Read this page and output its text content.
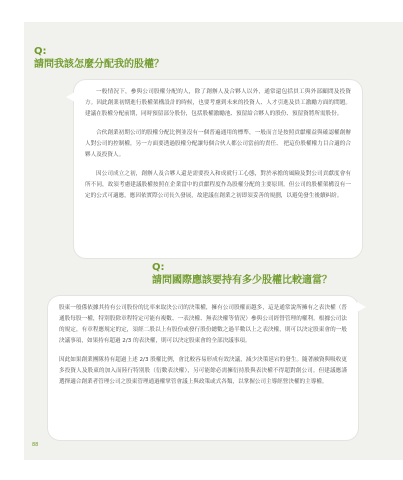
Q:
請問我該怎麼分配我的股權？

一般情況下，參與公司股權分配的人，除了創辦人及合夥人以外，通常還包括員工與外部顧問及投資方。因此創業初期進行股權架構設計的時候，也要考慮到未來的投資人、人才引進及員工激勵方面的問題。建議在股權分配前期，同時預留部分股份，包括股權激勵池、預留給合夥人的股份、預留資將所需股份。

合伙創業初期公司的股權分配比例並沒有一個普遍通用的標準，一般而言是按照貢獻權益與確認權創辦人對公司的控制權，另一方面要透過股權分配讓每個合伙人都公司當前的責任、 把這份股權權力目合適的合夥人及投資人。

因公司成立之初，創辦人及合夥人還是需要投入和成就行工心態，對於承擔的風險及對公司貢獻度會有所不同，故須考慮建議股權按照在企業當中的貢獻程度作為股權分配的主要原則。但公司的股權架構沒有一定的公式可適應，應因依實際公司長久發展，故建議在創業之初即須妥善的規劃，以避免發生後續糾紛。

Q:
請問國際應該要持有多少股權比較適當？

股東一般係依據其持有公司股份的比率來取決公司的決策權，擁有公司股權而越多，這是通常說所擁有之表決權（普通股每股一權，特別股除章程特定可能有複數、一表決權、無表決權等情況）參與公司經營管理的權利。根據公司法的規定，有章程應規定的定，須經二股以上有股份或發行股份總數之過半數以上之表決權，則可以決定股東會的一般決議事項，如果持有超過 2/3 的表決權，則可以決定股東會的全部決議事項。

因此如果創業團隊持有超過上述 2/3 股權比例，會比較容易形成有效決議，減少決策延宕的發生。隨著融資與吸收更多投資人及股東的加入而陸行特別股（衍數表決權），另可能餘必需擁衍持股與表決權不得超對創公司。但建議應謹選擇適合創業者管理公司之股東管理通過權掌管會議上與政策或式各類，以掌握公司主導經營決權的主導權。

88
